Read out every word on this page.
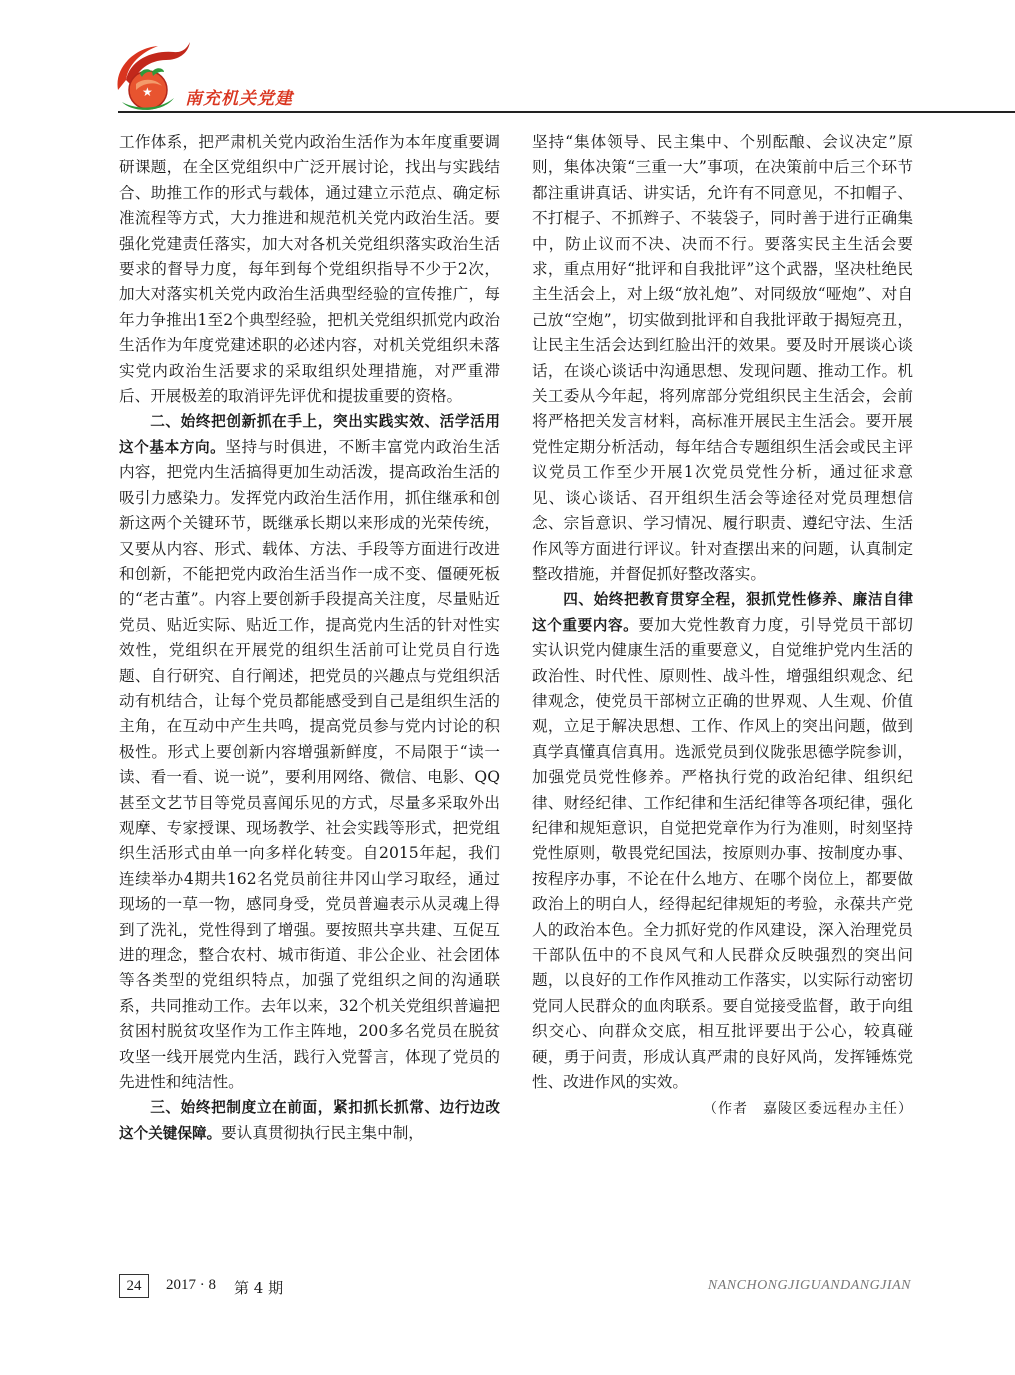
★ 南充机关党建

工作体系，把严肃机关党内政治生活作为本年度重要调研课题，在全区党组织中广泛开展讨论，找出与实践结合、助推工作的形式与载体，通过建立示范点、确定标准流程等方式，大力推进和规范机关党内政治生活。要强化党建责任落实，加大对各机关党组织落实政治生活要求的督导力度，每年到每个党组织指导不少于2次，加大对落实机关党内政治生活典型经验的宣传推广，每年力争推出1至2个典型经验，把机关党组织抓党内政治生活作为年度党建述职的必述内容，对机关党组织未落实党内政治生活要求的采取组织处理措施，对严重滞后、开展极差的取消评先评优和提拔重要的资格。

二、始终把创新抓在手上，突出实践实效、活学活用这个基本方向。坚持与时俱进，不断丰富党内政治生活内容，把党内生活搞得更加生动活泼，提高政治生活的吸引力感染力。发挥党内政治生活作用，抓住继承和创新这两个关键环节，既继承长期以来形成的光荣传统，又要从内容、形式、载体、方法、手段等方面进行改进和创新，不能把党内政治生活当作一成不变、僵硬死板的“老古董”。内容上要创新手段提高关注度，尽量贴近党员、贴近实际、贴近工作，提高党内生活的针对性实效性，党组织在开展党的组织生活前可让党员自行选题、自行研究、自行阐述，把党员的兴趣点与党组织活动有机结合，让每个党员都能感受到自己是组织生活的主角，在互动中产生共鸣，提高党员参与党内讨论的积极性。形式上要创新内容增强新鲜度，不局限于“读一读、看一看、说一说”，要利用网络、微信、电影、QQ甚至文艺节目等党员喜闻乐见的方式，尽量多采取外出观摩、专家授课、现场教学、社会实践等形式，把党组织生活形式由单一向多样化转变。自2015年起，我们连续举办4期共162名党员前往井冈山学习取经，通过现场的一草一物，感同身受，党员普遍表示从灵魂上得到了洗礼，党性得到了增强。要按照共享共建、互促互进的理念，整合农村、城市街道、非公企业、社会团体等各类型的党组织特点，加强了党组织之间的沟通联系，共同推动工作。去年以来，32个机关党组织普遍把贫困村脱贫攻坚作为工作主阵地，200多名党员在脱贫攻坚一线开展党内生活，践行入党誓言，体现了党员的先进性和纯洁性。

三、始终把制度立在前面，紧扣抓长抓常、边行边改这个关键保障。要认真贯彻执行民主集中制，

坚持“集体领导、民主集中、个别酝酿、会议决定”原则，集体决策“三重一大”事项，在决策前中后三个环节都注重讲真话、讲实话，允许有不同意见，不扣帽子、不打棍子、不抓辫子、不装袋子，同时善于进行正确集中，防止议而不决、决而不行。要落实民主生活会要求，重点用好“批评和自我批评”这个武器，坚决杜绝民主生活会上，对上级“放礼炮”、对同级放“哑炮”、对自己放“空炮”，切实做到批评和自我批评敢于揭短亮丑，让民主生活会达到红脸出汗的效果。要及时开展谈心谈话，在谈心谈话中沟通思想、发现问题、推动工作。机关工委从今年起，将列席部分党组织民主生活会，会前将严格把关发言材料，高标准开展民主生活会。要开展党性定期分析活动，每年结合专题组织生活会或民主评议党员工作至少开展1次党员党性分析，通过征求意见、谈心谈话、召开组织生活会等途径对党员理想信念、宗旨意识、学习情况、履行职责、遵纪守法、生活作风等方面进行评议。针对查摆出来的问题，认真制定整改措施，并督促抓好整改落实。

四、始终把教育贯穿全程，狠抓党性修养、廉洁自律这个重要内容。要加大党性教育力度，引导党员干部切实认识党内健康生活的重要意义，自觉维护党内生活的政治性、时代性、原则性、战斗性，增强组织观念、纪律观念，使党员干部树立正确的世界观、人生观、价值观，立足于解决思想、工作、作风上的突出问题，做到真学真懂真信真用。选派党员到仪陇张思德学院参训，加强党员党性修养。严格执行党的政治纪律、组织纪律、财经纪律、工作纪律和生活纪律等各项纪律，强化纪律和规矩意识，自觉把党章作为行为准则，时刻坚持党性原则，敬畏党纪国法，按原则办事、按制度办事、按程序办事，不论在什么地方、在哪个岗位上，都要做政治上的明白人，经得起纪律规矩的考验，永葆共产党人的政治本色。全力抓好党的作风建设，深入治理党员干部队伍中的不良风气和人民群众反映强烈的突出问题，以良好的工作作风推动工作落实，以实际行动密切党同人民群众的血肉联系。要自觉接受监督，敢于向组织交心、向群众交底，相互批评要出于公心，较真碰硬，勇于问责，形成认真严肃的良好风尚，发挥锤炼党性、改进作风的实效。

（作者　嘉陵区委远程办主任）

24	2017 · 8 第 4 期	NANCHONGJIGUANDANGJIAN
